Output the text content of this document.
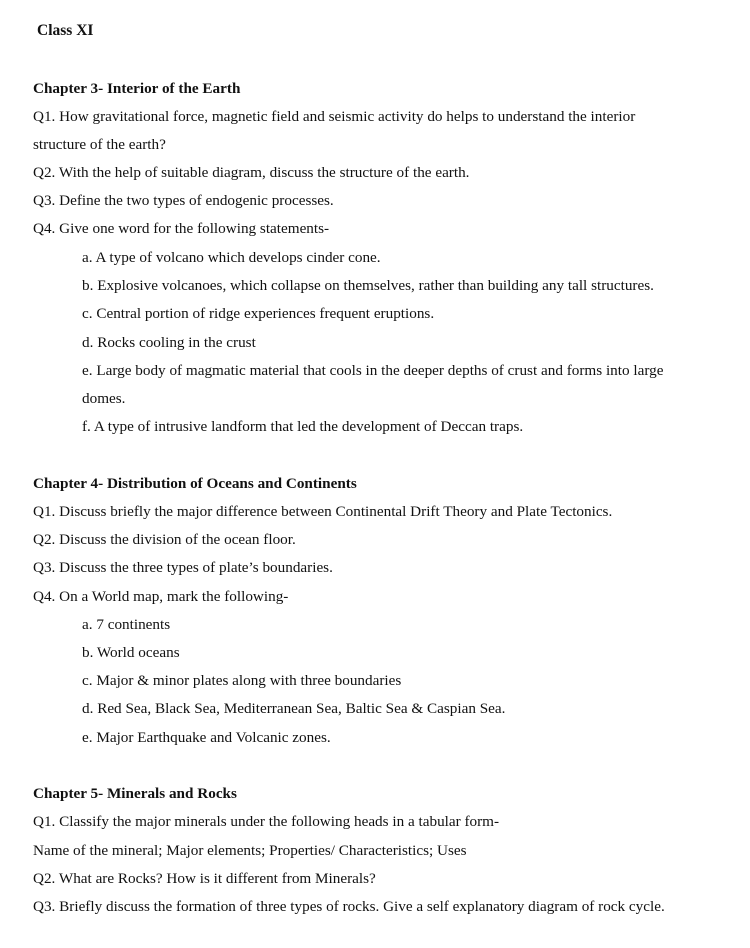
Class XI

Chapter 3- Interior of the Earth

Q1. How gravitational force, magnetic field and seismic activity do helps to understand the interior

structure of the earth?

Q2. With the help of suitable diagram, discuss the structure of the earth.

Q3. Define the two types of endogenic processes.

Q4. Give one word for the following statements-

a. A type of volcano which develops cinder cone.

b. Explosive volcanoes, which collapse on themselves, rather than building any tall structures.

c. Central portion of ridge experiences frequent eruptions.

d. Rocks cooling in the crust

e. Large body of magmatic material that cools in the deeper depths of crust and forms into large

domes.

f. A type of intrusive landform that led the development of Deccan traps.

Chapter 4- Distribution of Oceans and Continents

Q1. Discuss briefly the major difference between Continental Drift Theory and Plate Tectonics.

Q2. Discuss the division of the ocean floor.

Q3. Discuss the three types of plate’s boundaries.

Q4. On a World map, mark the following-

a. 7 continents

b. World oceans

c. Major & minor plates along with three boundaries

d. Red Sea, Black Sea, Mediterranean Sea, Baltic Sea & Caspian Sea.

e. Major Earthquake and Volcanic zones.

Chapter 5- Minerals and Rocks

Q1. Classify the major minerals under the following heads in a tabular form-

Name of the mineral; Major elements; Properties/ Characteristics; Uses

Q2. What are Rocks? How is it different from Minerals?

Q3. Briefly discuss the formation of three types of rocks. Give a self explanatory diagram of rock cycle.
